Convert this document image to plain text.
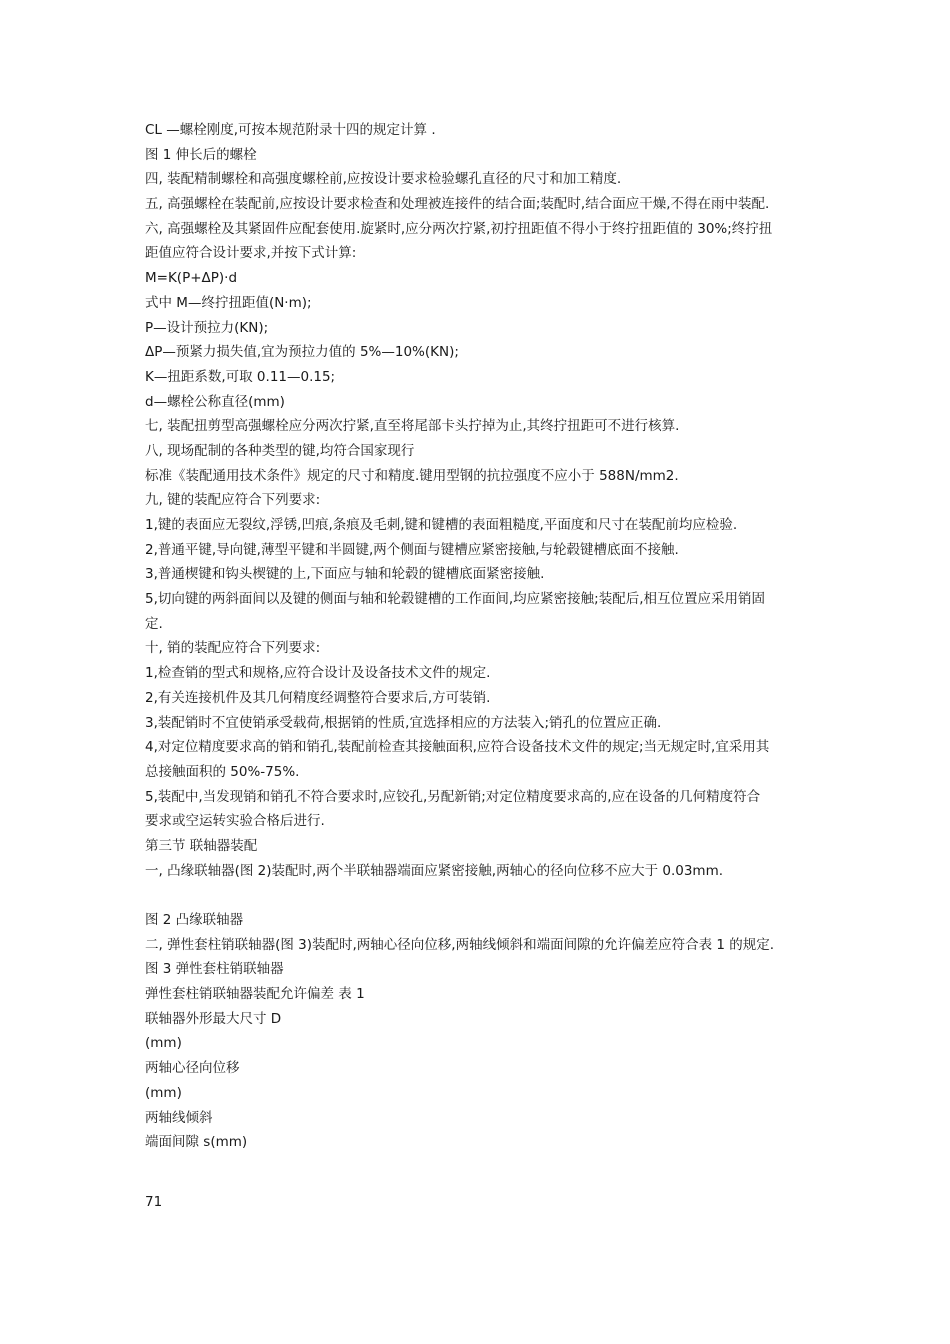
CL —螺栓刚度,可按本规范附录十四的规定计算 .
图 1 伸长后的螺栓
四, 装配精制螺栓和高强度螺栓前,应按设计要求检验螺孔直径的尺寸和加工精度.
五, 高强螺栓在装配前,应按设计要求检查和处理被连接件的结合面;装配时,结合面应干燥,不得在雨中装配.
六, 高强螺栓及其紧固件应配套使用.旋紧时,应分两次拧紧,初拧扭距值不得小于终拧扭距值的 30%;终拧扭
距值应符合设计要求,并按下式计算:
M=K(P+ΔP)·d
式中 M—终拧扭距值(N·m);
P—设计预拉力(KN);
ΔP—预紧力损失值,宜为预拉力值的 5%—10%(KN);
K—扭距系数,可取 0.11—0.15;
d—螺栓公称直径(mm)
七, 装配扭剪型高强螺栓应分两次拧紧,直至将尾部卡头拧掉为止,其终拧扭距可不进行核算.
八, 现场配制的各种类型的键,均符合国家现行
标准《装配通用技术条件》规定的尺寸和精度.键用型钢的抗拉强度不应小于 588N/mm2.
九, 键的装配应符合下列要求:
1,键的表面应无裂纹,浮锈,凹痕,条痕及毛刺,键和键槽的表面粗糙度,平面度和尺寸在装配前均应检验.
2,普通平键,导向键,薄型平键和半圆键,两个侧面与键槽应紧密接触,与轮毂键槽底面不接触.
3,普通楔键和钩头楔键的上,下面应与轴和轮毂的键槽底面紧密接触.
5,切向键的两斜面间以及键的侧面与轴和轮毂键槽的工作面间,均应紧密接触;装配后,相互位置应采用销固
定.
十, 销的装配应符合下列要求:
1,检查销的型式和规格,应符合设计及设备技术文件的规定.
2,有关连接机件及其几何精度经调整符合要求后,方可装销.
3,装配销时不宜使销承受载荷,根据销的性质,宜选择相应的方法装入;销孔的位置应正确.
4,对定位精度要求高的销和销孔,装配前检查其接触面积,应符合设备技术文件的规定;当无规定时,宜采用其
总接触面积的 50%-75%.
5,装配中,当发现销和销孔不符合要求时,应铰孔,另配新销;对定位精度要求高的,应在设备的几何精度符合
要求或空运转实验合格后进行.
第三节 联轴器装配
一, 凸缘联轴器(图 2)装配时,两个半联轴器端面应紧密接触,两轴心的径向位移不应大于 0.03mm.
图 2 凸缘联轴器
二, 弹性套柱销联轴器(图 3)装配时,两轴心径向位移,两轴线倾斜和端面间隙的允许偏差应符合表 1 的规定.
图 3 弹性套柱销联轴器
弹性套柱销联轴器装配允许偏差 表 1
联轴器外形最大尺寸 D
(mm)
两轴心径向位移
(mm)
两轴线倾斜
端面间隙 s(mm)
71
